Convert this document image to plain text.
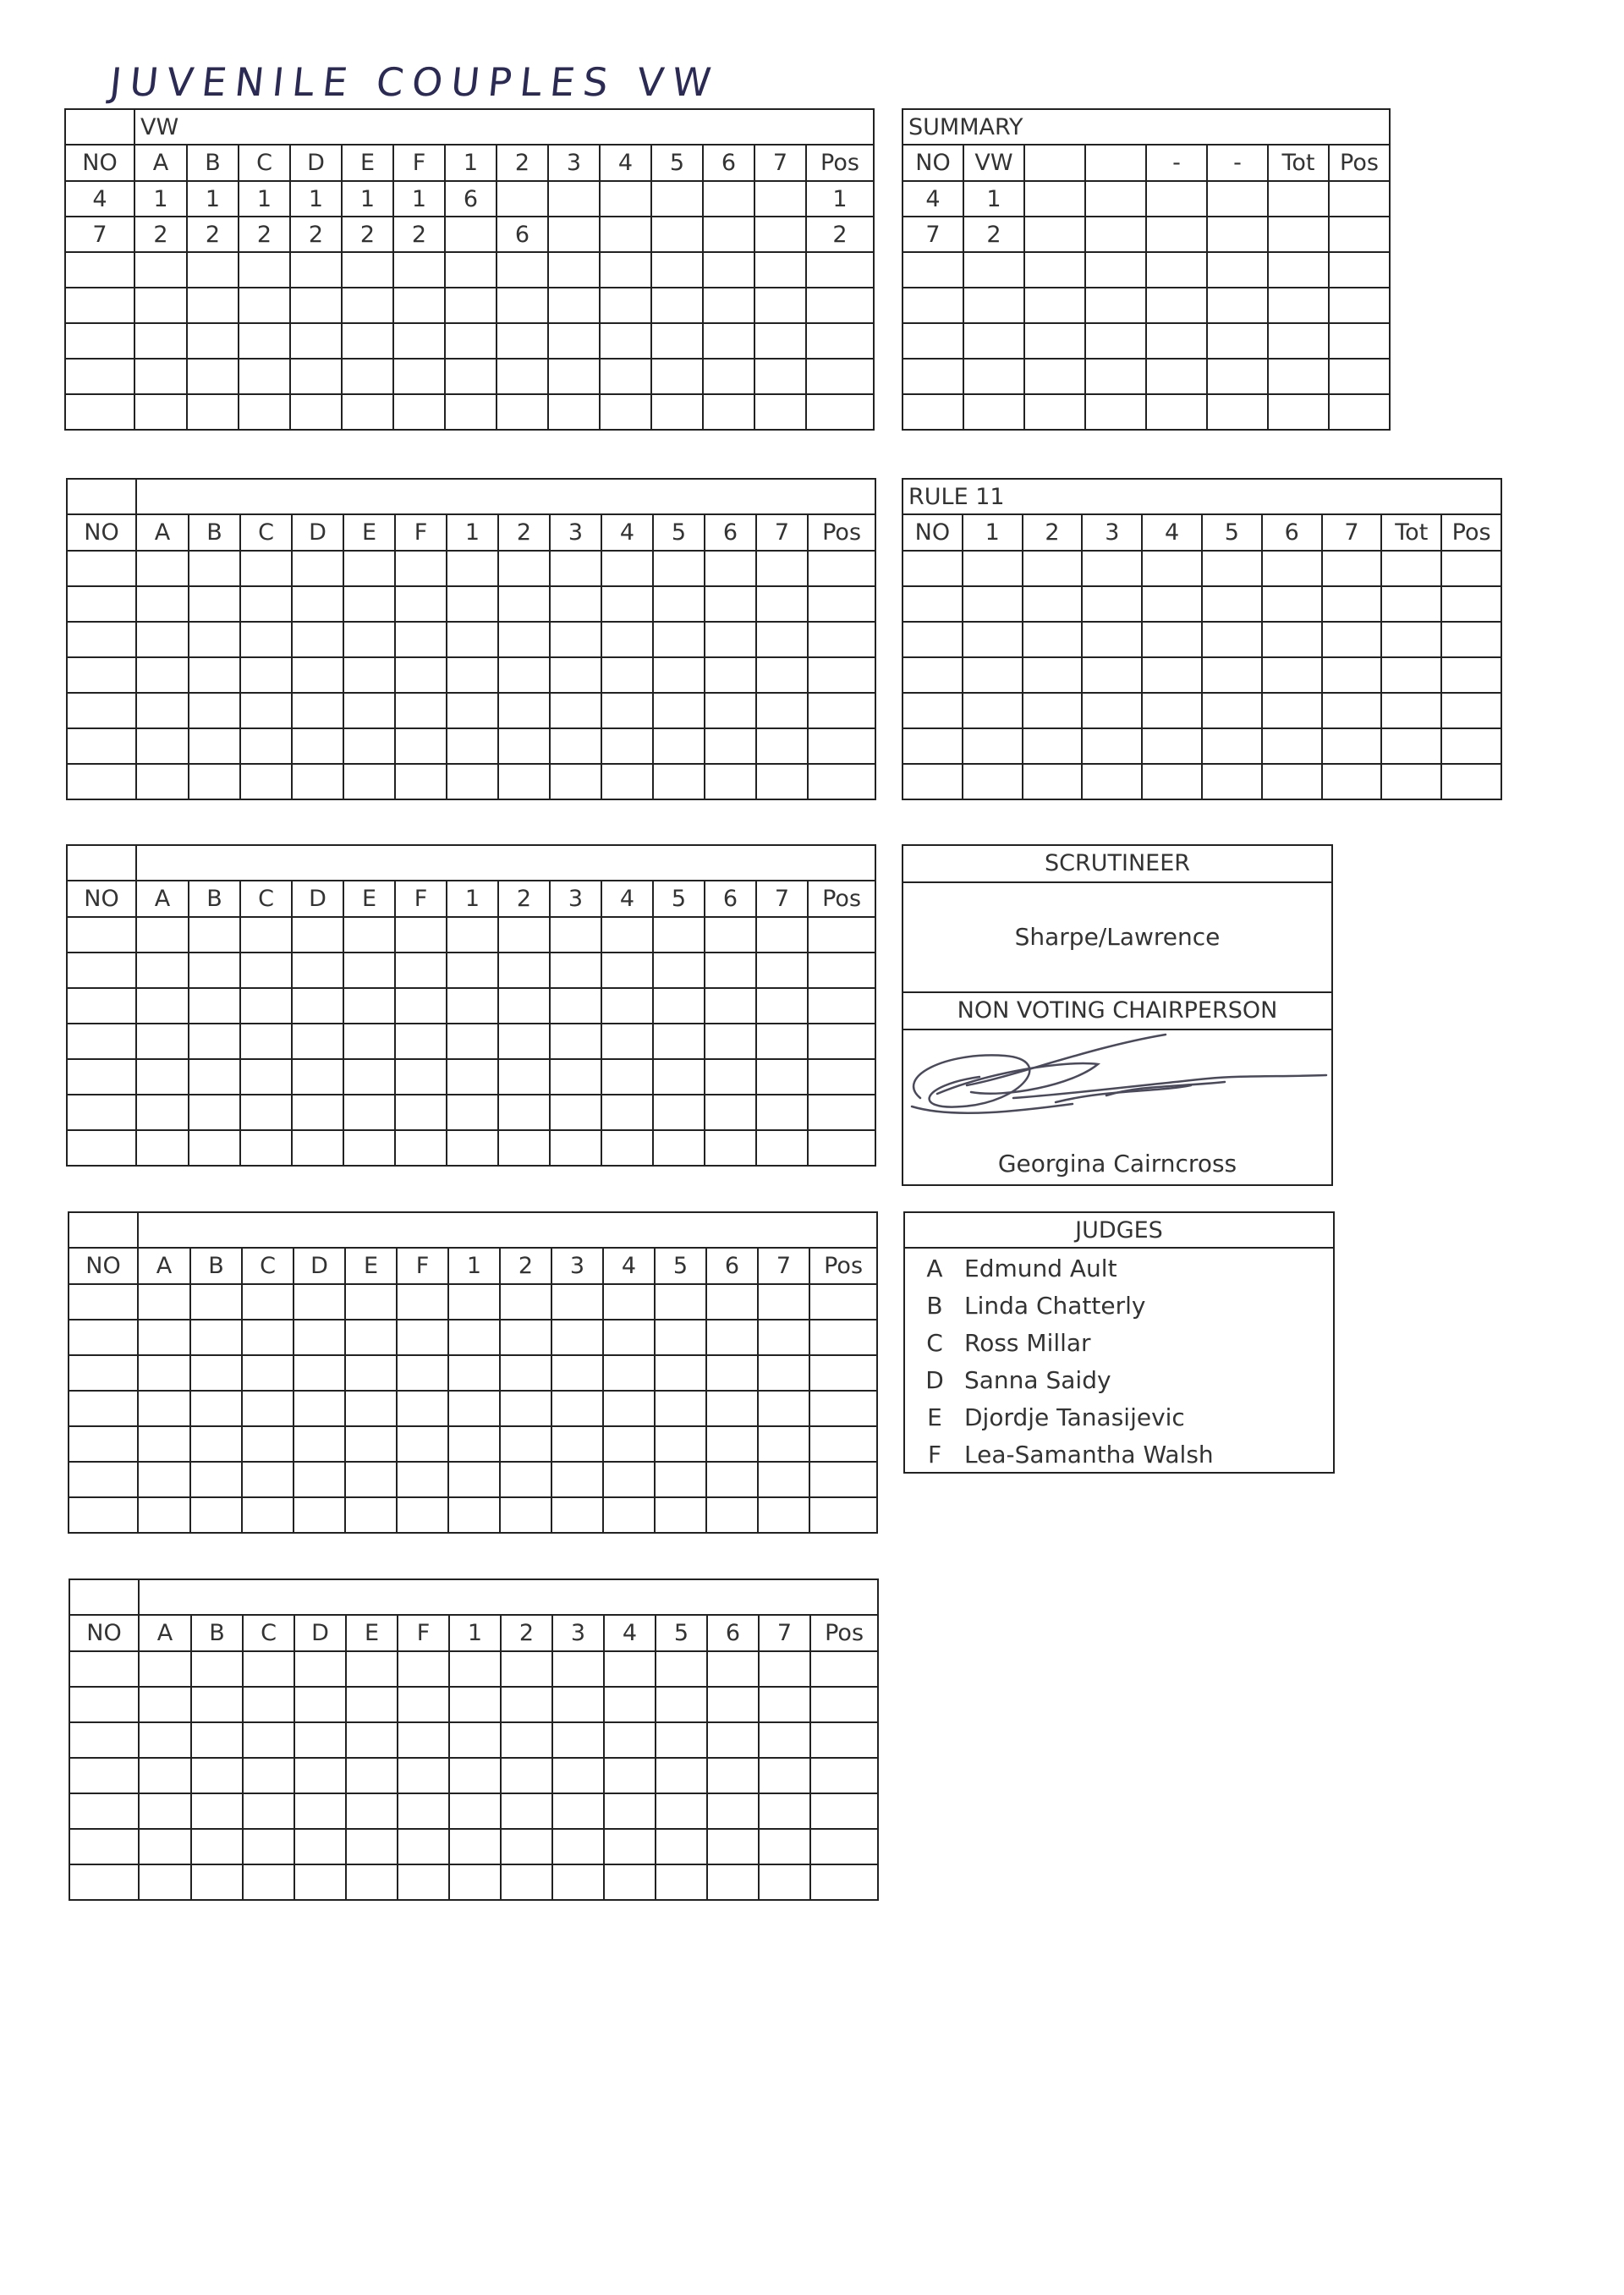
JUVENILE COUPLES VW
	VW													
NO	A	B	C	D	E	F	1	2	3	4	5	6	7	Pos
4	1	1	1	1	1	1	6							1
7	2	2	2	2	2	2		6						2

NO	A	B	C	D	E	F	1	2	3	4	5	6	7	Pos

NO	A	B	C	D	E	F	1	2	3	4	5	6	7	Pos

NO	A	B	C	D	E	F	1	2	3	4	5	6	7	Pos

NO	A	B	C	D	E	F	1	2	3	4	5	6	7	Pos

SUMMARY							
NO	VW			-	-	Tot	Pos
4	1						
7	2						

RULE 11									
NO	1	2	3	4	5	6	7	Tot	Pos

SCRUTINEER
Sharpe/Lawrence
NON VOTING CHAIRPERSON
Georgina Cairncross
JUDGES
A Edmund Ault
B Linda Chatterly
C Ross Millar
D Sanna Saidy
E Djordje Tanasijevic
F Lea-Samantha Walsh
